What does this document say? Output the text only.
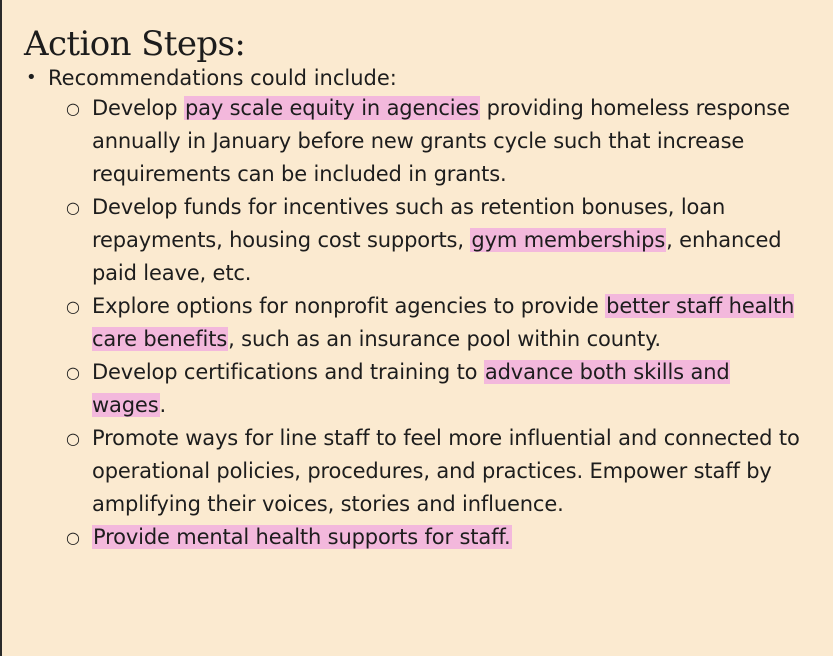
Action Steps:
• Recommendations could include:
○ Develop pay scale equity in agencies providing homeless response annually in January before new grants cycle such that increase requirements can be included in grants.
○ Develop funds for incentives such as retention bonuses, loan repayments, housing cost supports, gym memberships, enhanced paid leave, etc.
○ Explore options for nonprofit agencies to provide better staff health care benefits, such as an insurance pool within county.
○ Develop certifications and training to advance both skills and wages.
○ Promote ways for line staff to feel more influential and connected to operational policies, procedures, and practices. Empower staff by amplifying their voices, stories and influence.
○ Provide mental health supports for staff.
